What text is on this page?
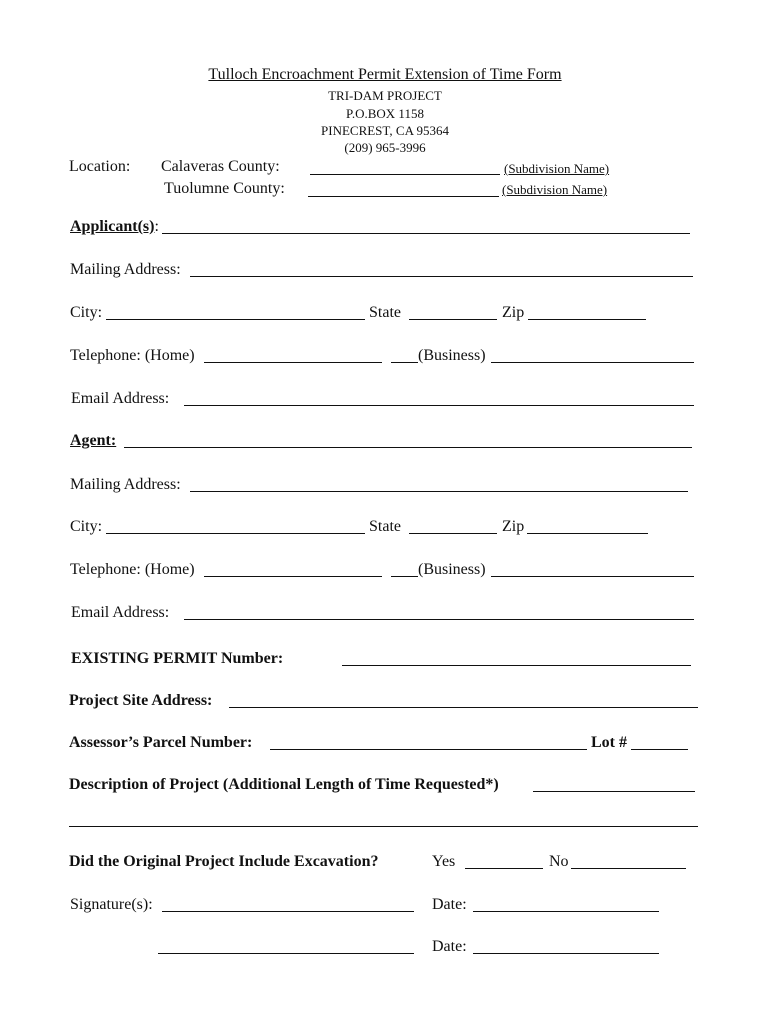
Tulloch Encroachment Permit Extension of Time Form
TRI-DAM PROJECT
P.O.BOX 1158
PINECREST, CA 95364
(209) 965-3996
Location: Calaveras County:	(Subdivision Name)
Tuolumne County:	(Subdivision Name)
Applicant(s):
Mailing Address:
City:	State	Zip
Telephone: (Home)	(Business)
Email Address:
Agent:
Mailing Address:
City:	State	Zip
Telephone: (Home)	(Business)
Email Address:
EXISTING PERMIT Number:
Project Site Address:
Assessor’s Parcel Number:	Lot #
Description of Project (Additional Length of Time Requested*)
Did the Original Project Include Excavation?	Yes	No
Signature(s):	Date:
Date:
